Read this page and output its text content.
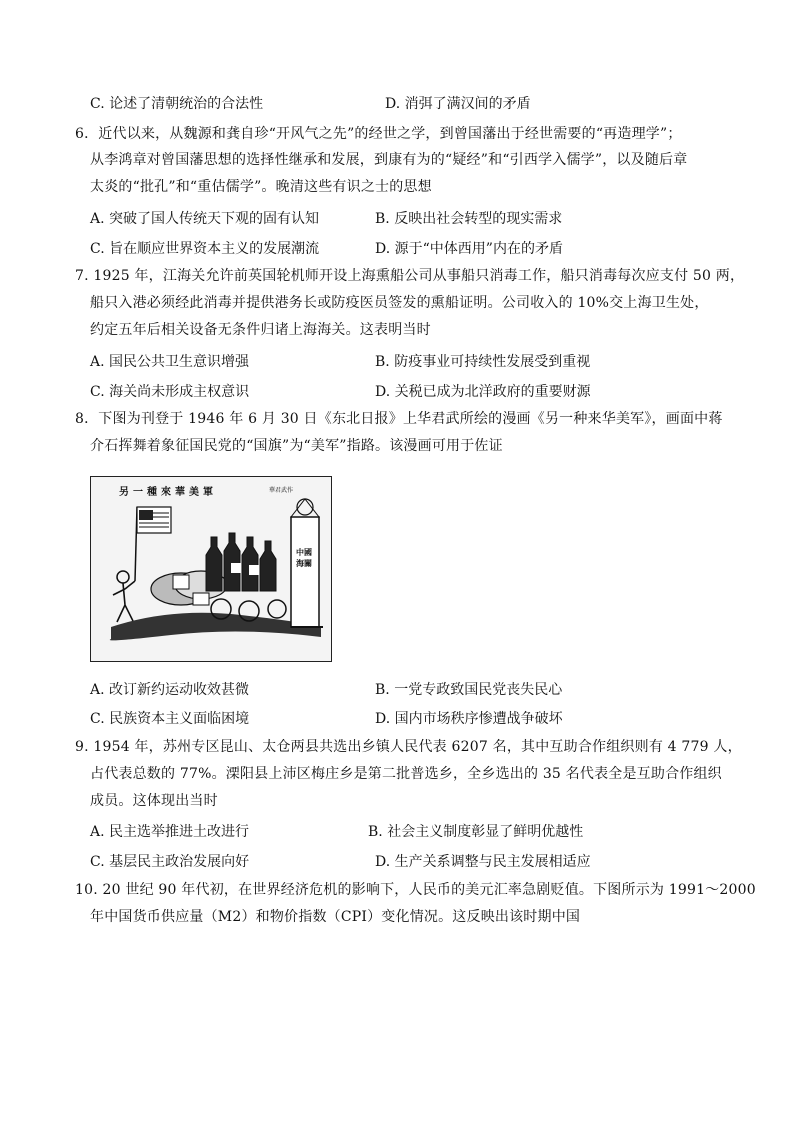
C. 论述了清朝统治的合法性	D. 消弭了满汉间的矛盾
6．近代以来，从魏源和龚自珍“开风气之先”的经世之学，到曾国藩出于经世需要的“再造理学”；
从李鸿章对曾国藩思想的选择性继承和发展，到康有为的“疑经”和“引西学入儒学”，以及随后章
太炎的“批孔”和“重估儒学”。晚清这些有识之士的思想
A. 突破了国人传统天下观的固有认知	B. 反映出社会转型的现实需求
C. 旨在顺应世界资本主义的发展潮流	D. 源于“中体西用”内在的矛盾
7. 1925 年，江海关允许前英国轮机师开设上海熏船公司从事船只消毒工作，船只消毒每次应支付 50 两，
船只入港必须经此消毒并提供港务长或防疫医员签发的熏船证明。公司收入的 10%交上海卫生处，
约定五年后相关设备无条件归诸上海海关。这表明当时
A. 国民公共卫生意识增强	B. 防疫事业可持续性发展受到重视
C. 海关尚未形成主权意识	D. 关税已成为北洋政府的重要财源
8．下图为刊登于 1946 年 6 月 30 日《东北日报》上华君武所绘的漫画《另一种来华美军》，画面中蒋
介石挥舞着象征国民党的“国旗”为“美军”指路。该漫画可用于佐证
另一種來華美軍	華君武作
中國海關
A. 改订新约运动收效甚微	B. 一党专政致国民党丧失民心
C. 民族资本主义面临困境	D. 国内市场秩序惨遭战争破坏
9. 1954 年，苏州专区昆山、太仓两县共选出乡镇人民代表 6207 名，其中互助合作组织则有 4 779 人，
占代表总数的 77%。溧阳县上沛区梅庄乡是第二批普选乡，全乡选出的 35 名代表全是互助合作组织
成员。这体现出当时
A. 民主选举推进土改进行	B. 社会主义制度彰显了鲜明优越性
C. 基层民主政治发展向好	D. 生产关系调整与民主发展相适应
10. 20 世纪 90 年代初，在世界经济危机的影响下，人民币的美元汇率急剧贬值。下图所示为 1991～2000
年中国货币供应量（M2）和物价指数（CPI）变化情况。这反映出该时期中国
